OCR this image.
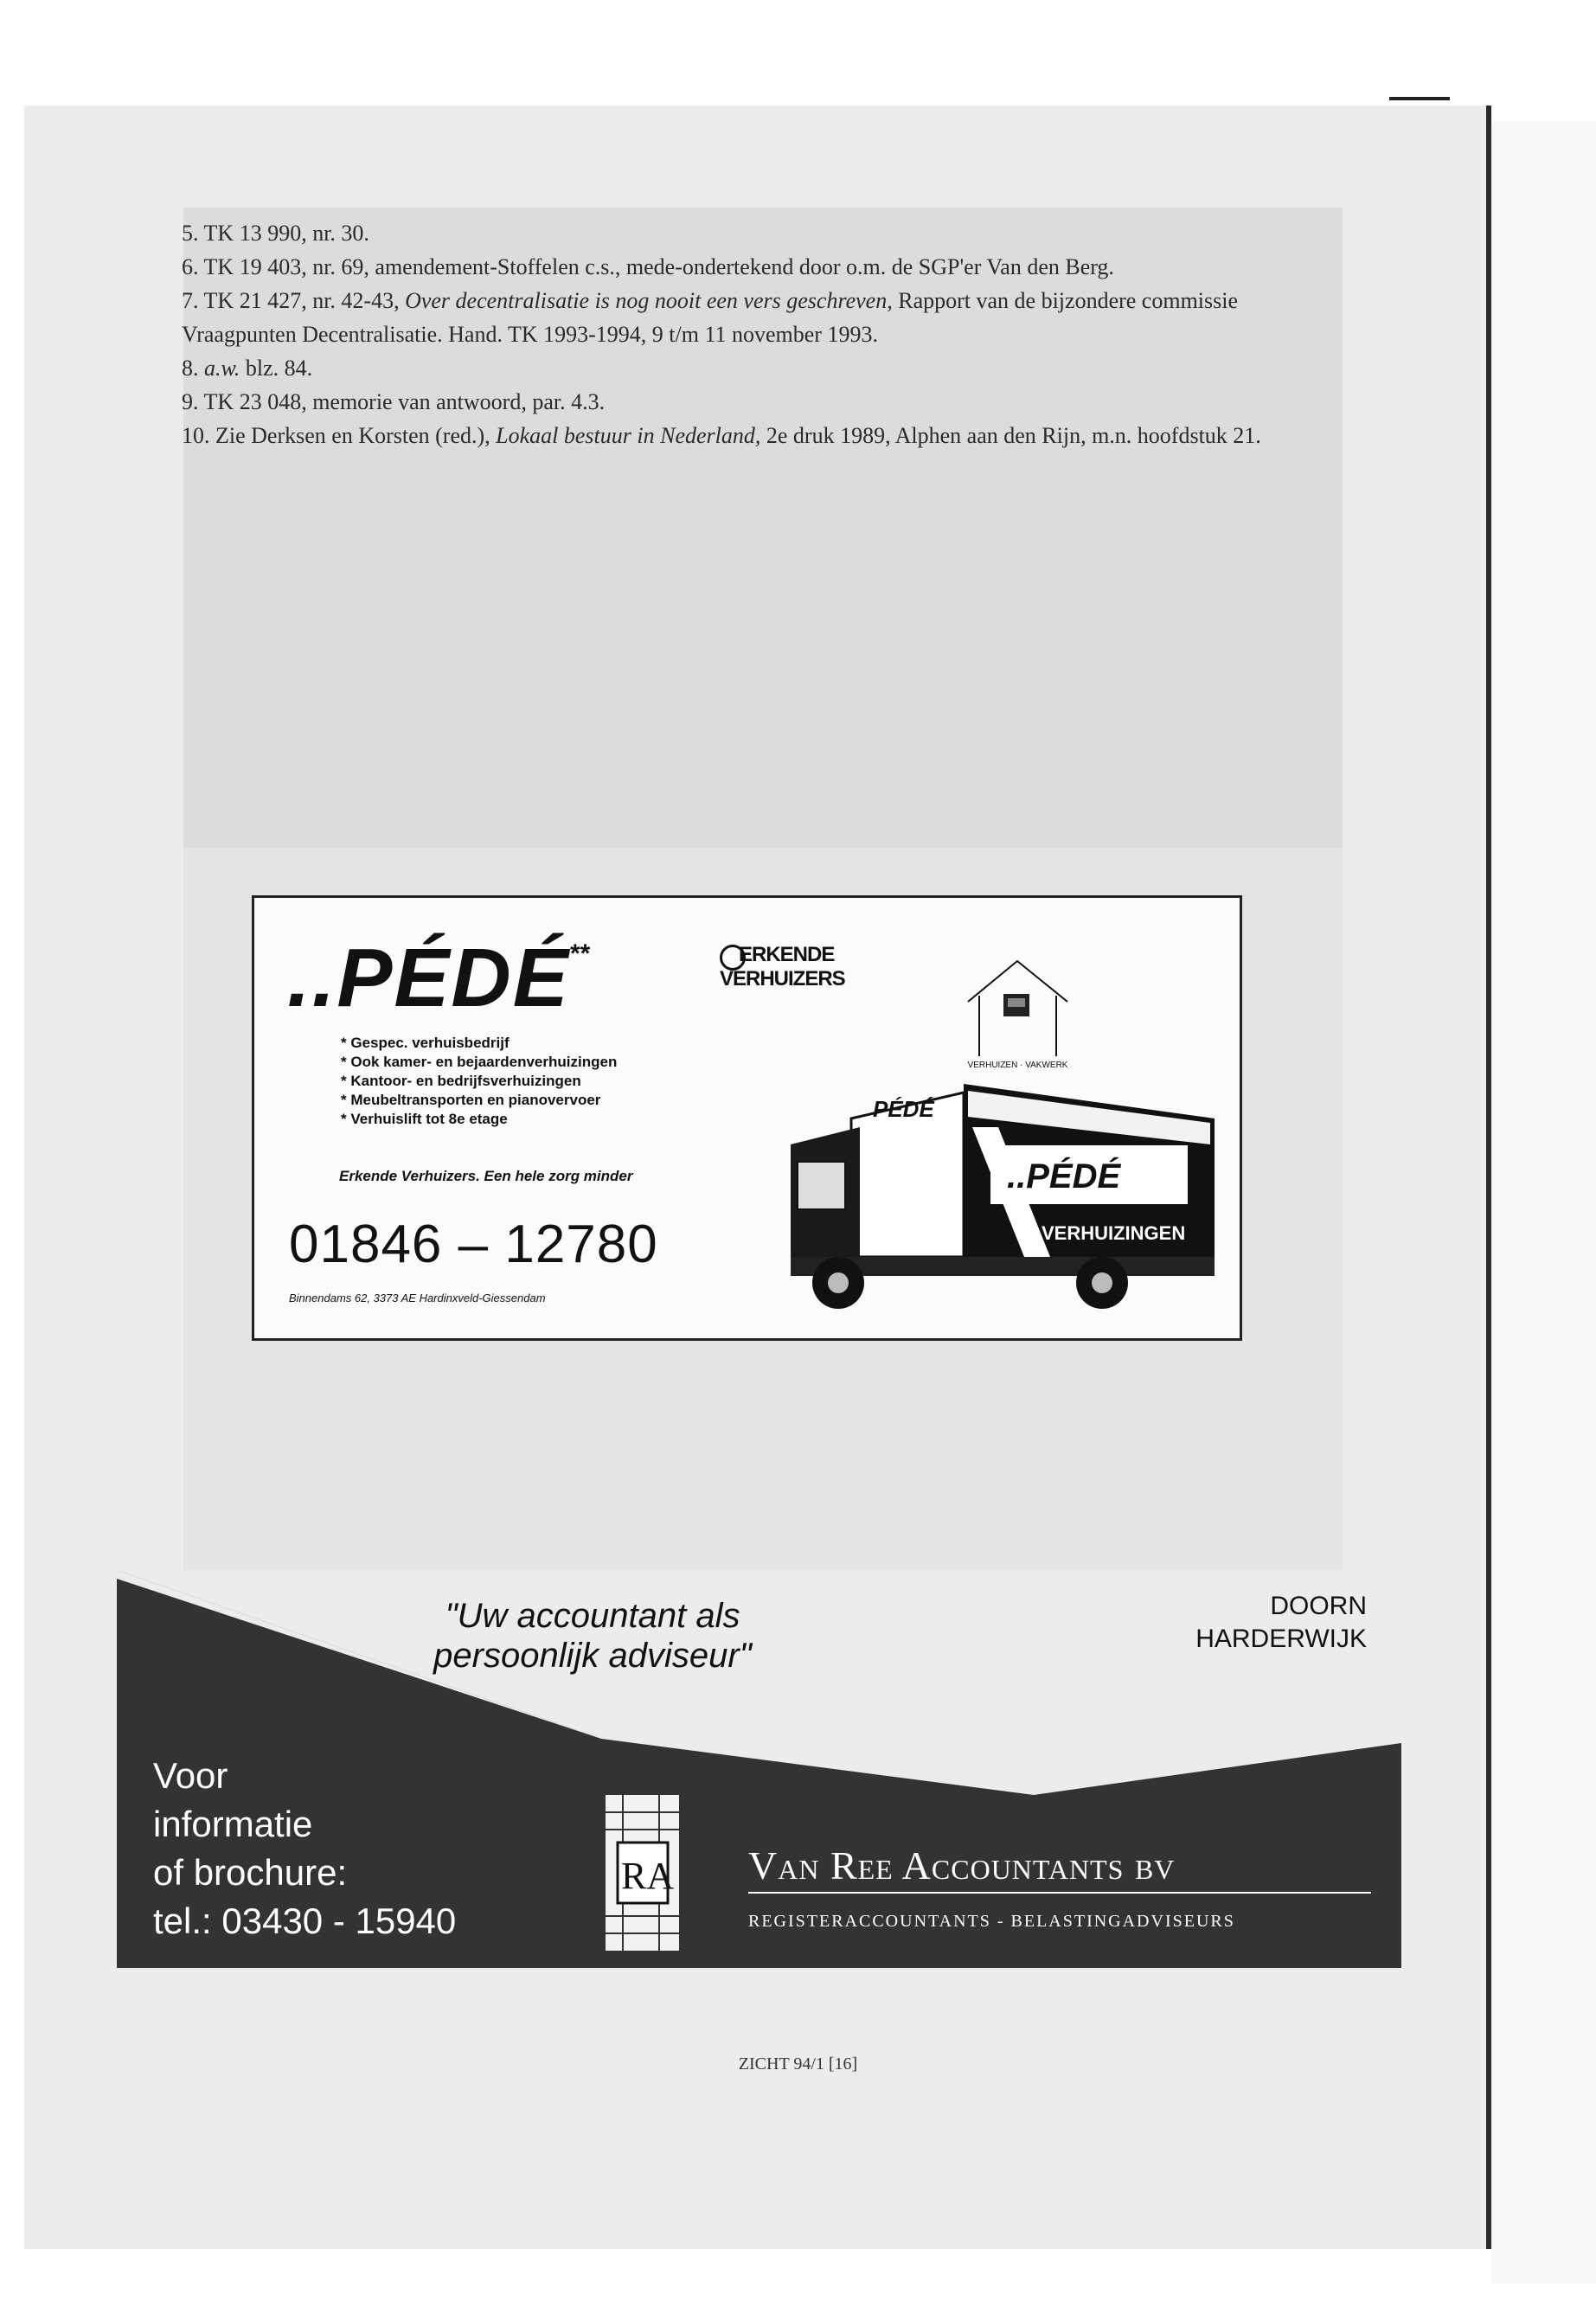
5. TK 13 990, nr. 30.

6. TK 19 403, nr. 69, amendement-Stoffelen c.s., mede-ondertekend door o.m. de SGP'er Van den Berg.

7. TK 21 427, nr. 42-43, Over decentralisatie is nog nooit een vers geschreven, Rapport van de bijzondere commissie Vraagpunten Decentralisatie. Hand. TK 1993-1994, 9 t/m 11 november 1993.

8. a.w. blz. 84.

9. TK 23 048, memorie van antwoord, par. 4.3.

10. Zie Derksen en Korsten (red.), Lokaal bestuur in Nederland, 2e druk 1989, Alphen aan den Rijn, m.n. hoofdstuk 21.

..PÉDÉ **	ERKENDE
VERHUIZERS
* Gespec. verhuisbedrijf
* Ook kamer- en bejaardenverhuizingen
* Kantoor- en bedrijfsverhuizingen
* Meubeltransporten en pianovervoer
* Verhuislift tot 8e etage
Erkende Verhuizers. Een hele zorg minder
01846 – 12780
Binnendams 62, 3373 AE Hardinxveld-Giessendam
VERHUIZEN · VAKWERK
PÉDÉ
..PÉDÉ
VERHUIZINGEN

"Uw accountant als persoonlijk adviseur"

DOORN
HARDERWIJK
Voor
informatie
of brochure:
tel.: 03430 - 15940
RA Van Ree Accountants bv
REGISTERACCOUNTANTS - BELASTINGADVISEURS
ZICHT 94/1 [16]
